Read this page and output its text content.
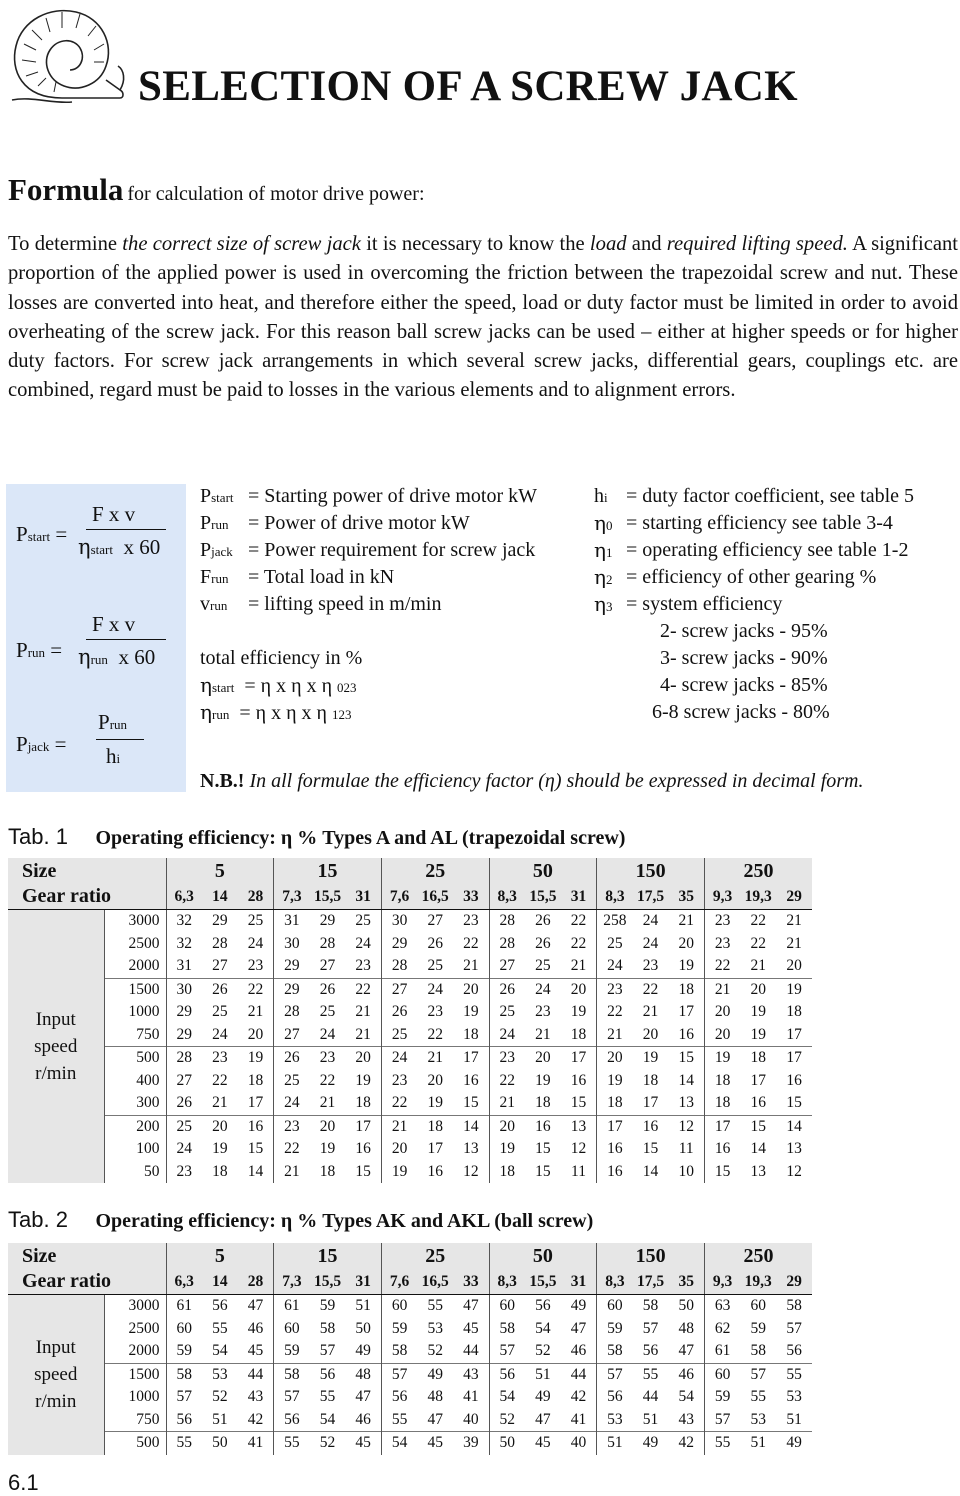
SELECTION OF A SCREW JACK
Formula for calculation of motor drive power:

To determine the correct size of screw jack it is necessary to know the load and required lifting speed. A significant proportion of the applied power is used in overcoming the friction between the trapezoidal screw and nut. These losses are converted into heat, and therefore either the speed, load or duty factor must be limited in order to avoid overheating of the screw jack. For this reason ball screw jacks can be used – either at higher speeds or for higher duty factors. For screw jack arrangements in which several screw jacks, differential gears, couplings etc. are combined, regard must be paid to losses in the various elements and to alignment errors.

Pstart =
F x v
ηstart x 60
Prun =
F x v
ηrun x 60
Pjack =
Prun
hi
Pstart = Starting power of drive motor kW
Prun = Power of drive motor kW
Pjack = Power requirement for screw jack
Frun = Total load in kN
vrun = lifting speed in m/min
hi = duty factor coefficient, see table 5
η0 = starting efficiency see table 3-4
η1 = operating efficiency see table 1-2
η2 = efficiency of other gearing %
η3 = system efficiency
2- screw jacks - 95%
3- screw jacks - 90%
4- screw jacks - 85%
6-8 screw jacks - 80%
total efficiency in %
ηstart = η x η x η 023
ηrun = η x η x η 123
N.B.! In all formulae the efficiency factor (η) should be expressed in decimal form.
Tab. 1 Operating efficiency: η % Types A and AL (trapezoidal screw)
Size		5			15			25			50			150			250		
Gear ratio		6,3	14	28	7,3	15,5	31	7,6	16,5	33	8,3	15,5	31	8,3	17,5	35	9,3	19,3	29

Input
speed
r/min	3000	32	29	25	31	29	25	30	27	23	28	26	22	258	24	21	23	22	21
	2500	32	28	24	30	28	24	29	26	22	28	26	22	25	24	20	23	22	21
	2000	31	27	23	29	27	23	28	25	21	27	25	21	24	23	19	22	21	20
	1500	30	26	22	29	26	22	27	24	20	26	24	20	23	22	18	21	20	19
	1000	29	25	21	28	25	21	26	23	19	25	23	19	22	21	17	20	19	18
	750	29	24	20	27	24	21	25	22	18	24	21	18	21	20	16	20	19	17
	500	28	23	19	26	23	20	24	21	17	23	20	17	20	19	15	19	18	17
	400	27	22	18	25	22	19	23	20	16	22	19	16	19	18	14	18	17	16
	300	26	21	17	24	21	18	22	19	15	21	18	15	18	17	13	18	16	15
	200	25	20	16	23	20	17	21	18	14	20	16	13	17	16	12	17	15	14
	100	24	19	15	22	19	16	20	17	13	19	15	12	16	15	11	16	14	13
	50	23	18	14	21	18	15	19	16	12	18	15	11	16	14	10	15	13	12
Tab. 2 Operating efficiency: η % Types AK and AKL (ball screw)
Size		5			15			25			50			150			250		
Gear ratio		6,3	14	28	7,3	15,5	31	7,6	16,5	33	8,3	15,5	31	8,3	17,5	35	9,3	19,3	29

Input
speed
r/min	3000	61	56	47	61	59	51	60	55	47	60	56	49	60	58	50	63	60	58
	2500	60	55	46	60	58	50	59	53	45	58	54	47	59	57	48	62	59	57
	2000	59	54	45	59	57	49	58	52	44	57	52	46	58	56	47	61	58	56
	1500	58	53	44	58	56	48	57	49	43	56	51	44	57	55	46	60	57	55
	1000	57	52	43	57	55	47	56	48	41	54	49	42	56	44	54	59	55	53
	750	56	51	42	56	54	46	55	47	40	52	47	41	53	51	43	57	53	51
	500	55	50	41	55	52	45	54	45	39	50	45	40	51	49	42	55	51	49
6.1
